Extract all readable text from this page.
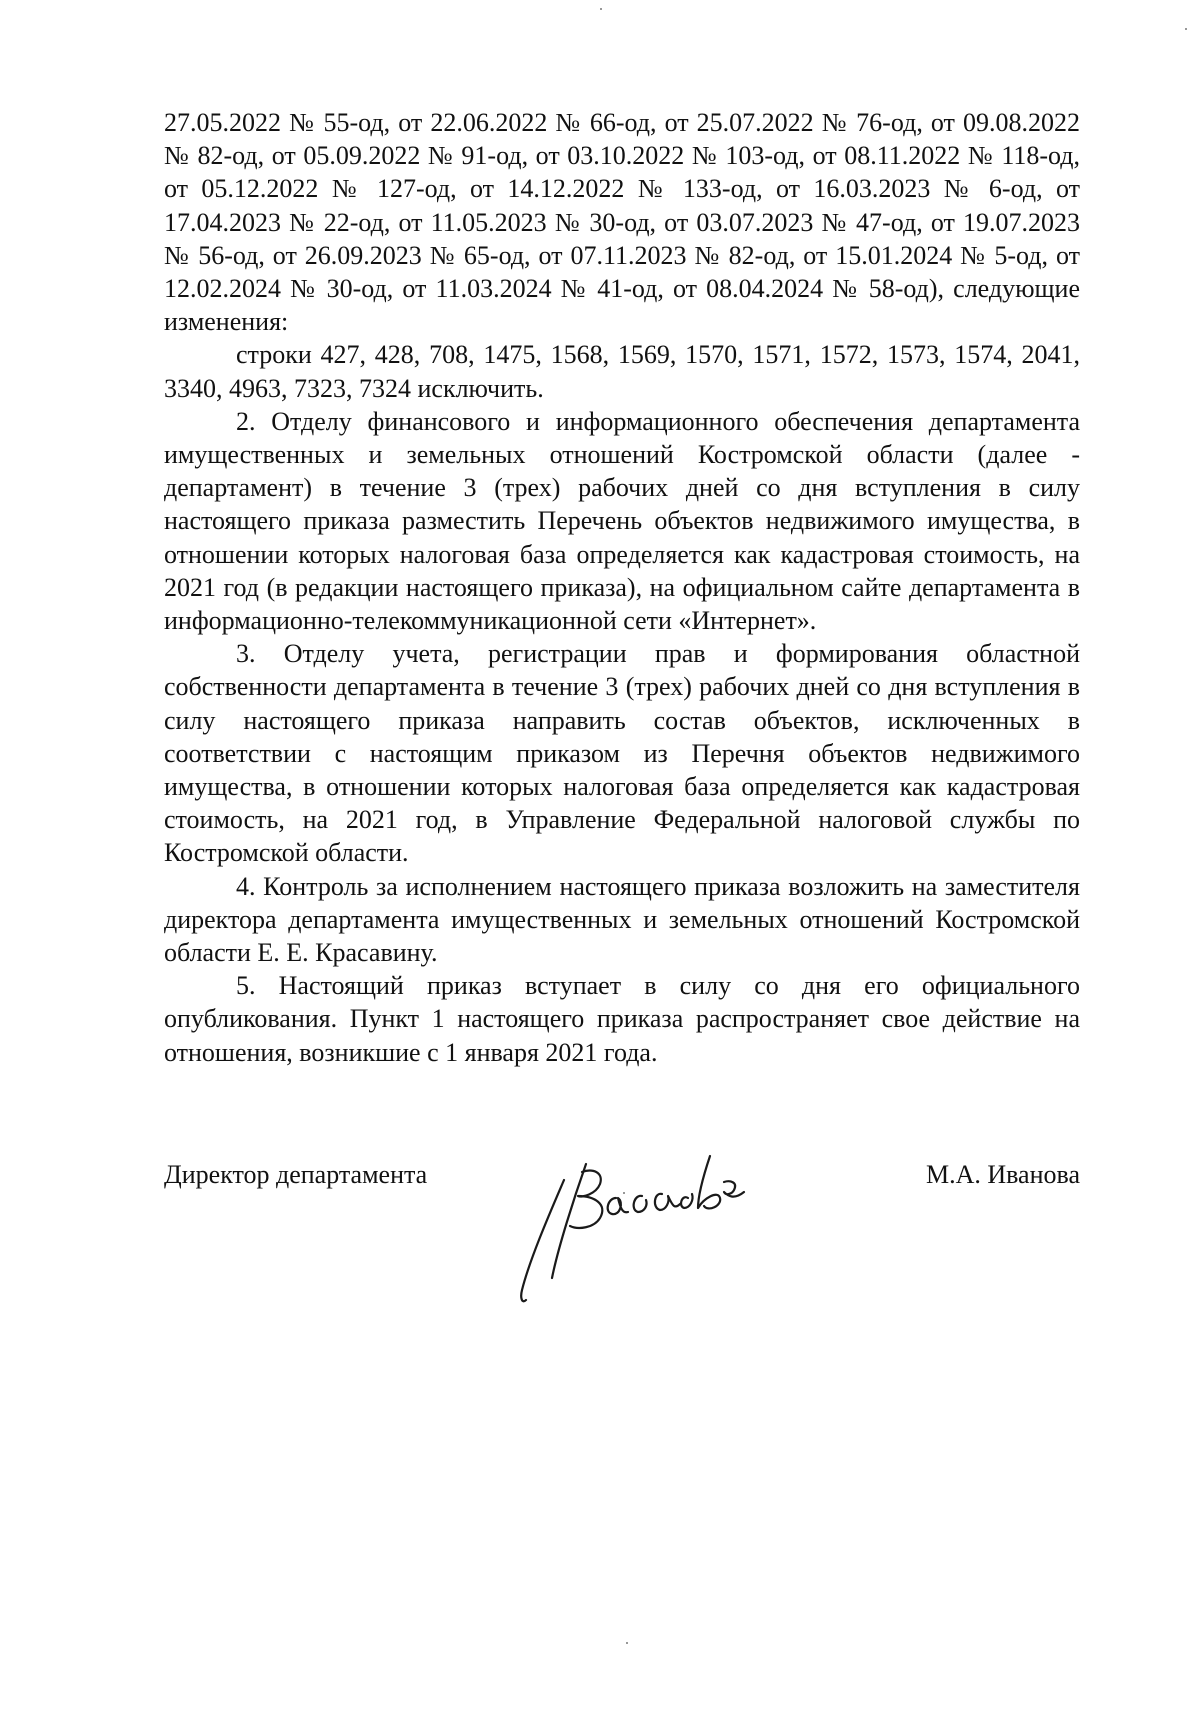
27.05.2022 № 55-од, от 22.06.2022 № 66-од, от 25.07.2022 № 76-од, от 09.08.2022 № 82-од, от 05.09.2022 № 91-од, от 03.10.2022 № 103-од, от 08.11.2022 № 118-од, от 05.12.2022 № 127-од, от 14.12.2022 № 133-од, от 16.03.2023 № 6-од, от 17.04.2023 № 22-од, от 11.05.2023 № 30-од, от 03.07.2023 № 47-од, от 19.07.2023 № 56-од, от 26.09.2023 № 65-од, от 07.11.2023 № 82-од, от 15.01.2024 № 5-од, от 12.02.2024 № 30-од, от 11.03.2024 № 41-од, от 08.04.2024 № 58-од), следующие изменения:

строки 427, 428, 708, 1475, 1568, 1569, 1570, 1571, 1572, 1573, 1574, 2041, 3340, 4963, 7323, 7324 исключить.

2. Отделу финансового и информационного обеспечения департамента имущественных и земельных отношений Костромской области (далее - департамент) в течение 3 (трех) рабочих дней со дня вступления в силу настоящего приказа разместить Перечень объектов недвижимого имущества, в отношении которых налоговая база определяется как кадастровая стоимость, на 2021 год (в редакции настоящего приказа), на официальном сайте департамента в информационно-телекоммуникационной сети «Интернет».

3. Отделу учета, регистрации прав и формирования областной собственности департамента в течение 3 (трех) рабочих дней со дня вступления в силу настоящего приказа направить состав объектов, исключенных в соответствии с настоящим приказом из Перечня объектов недвижимого имущества, в отношении которых налоговая база определяется как кадастровая стоимость, на 2021 год, в Управление Федеральной налоговой службы по Костромской области.

4. Контроль за исполнением настоящего приказа возложить на заместителя директора департамента имущественных и земельных отношений Костромской области Е. Е. Красавину.

5. Настоящий приказ вступает в силу со дня его официального опубликования. Пункт 1 настоящего приказа распространяет свое действие на отношения, возникшие с 1 января 2021 года.

Директор департамента	М.А. Иванова
